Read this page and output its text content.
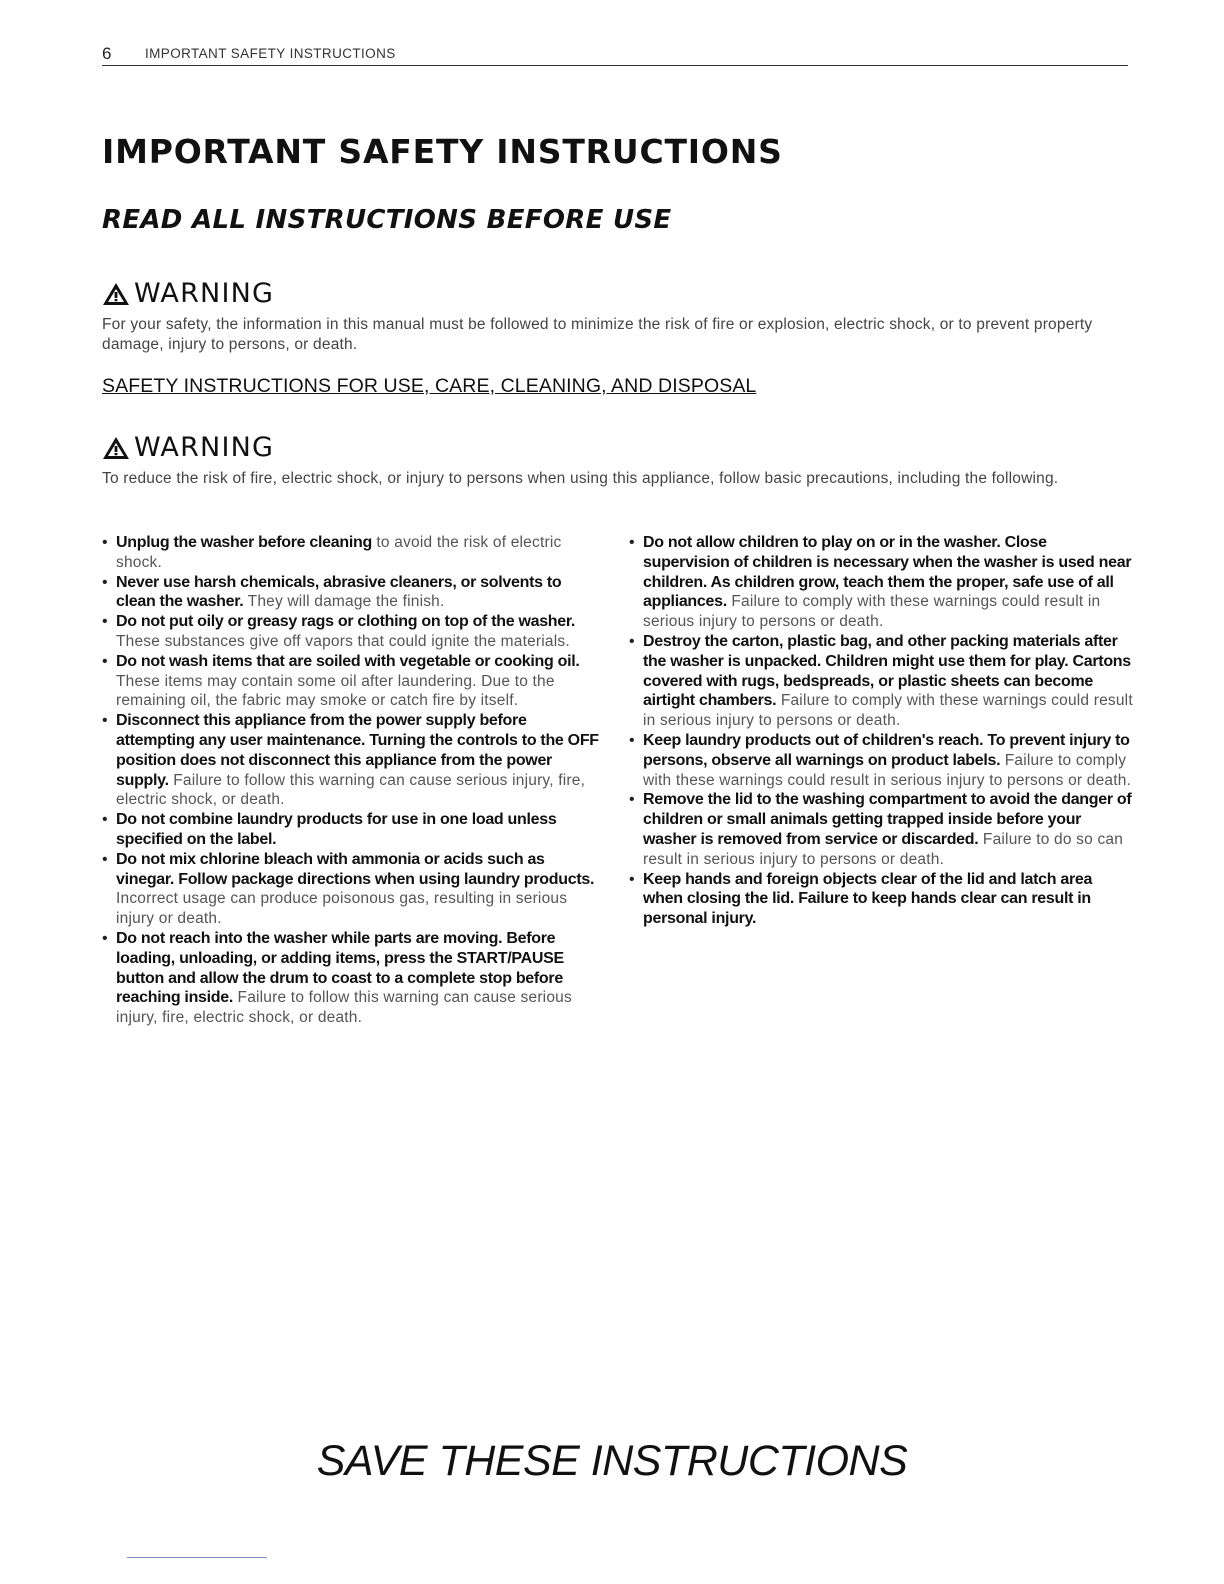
6 IMPORTANT SAFETY INSTRUCTIONS
IMPORTANT SAFETY INSTRUCTIONS
READ ALL INSTRUCTIONS BEFORE USE
WARNING
For your safety, the information in this manual must be followed to minimize the risk of fire or explosion, electric shock, or to prevent property damage, injury to persons, or death.
SAFETY INSTRUCTIONS FOR USE, CARE, CLEANING, AND DISPOSAL
WARNING
To reduce the risk of fire, electric shock, or injury to persons when using this appliance, follow basic precautions, including the following.
• Unplug the washer before cleaning to avoid the risk of electric shock.
• Never use harsh chemicals, abrasive cleaners, or solvents to clean the washer. They will damage the finish.
• Do not put oily or greasy rags or clothing on top of the washer. These substances give off vapors that could ignite the materials.
• Do not wash items that are soiled with vegetable or cooking oil. These items may contain some oil after laundering. Due to the remaining oil, the fabric may smoke or catch fire by itself.
• Disconnect this appliance from the power supply before attempting any user maintenance. Turning the controls to the OFF position does not disconnect this appliance from the power supply. Failure to follow this warning can cause serious injury, fire, electric shock, or death.
• Do not combine laundry products for use in one load unless specified on the label.
• Do not mix chlorine bleach with ammonia or acids such as vinegar. Follow package directions when using laundry products. Incorrect usage can produce poisonous gas, resulting in serious injury or death.
• Do not reach into the washer while parts are moving. Before loading, unloading, or adding items, press the START/PAUSE button and allow the drum to coast to a complete stop before reaching inside. Failure to follow this warning can cause serious injury, fire, electric shock, or death.
• Do not allow children to play on or in the washer. Close supervision of children is necessary when the washer is used near children. As children grow, teach them the proper, safe use of all appliances. Failure to comply with these warnings could result in serious injury to persons or death.
• Destroy the carton, plastic bag, and other packing materials after the washer is unpacked. Children might use them for play. Cartons covered with rugs, bedspreads, or plastic sheets can become airtight chambers. Failure to comply with these warnings could result in serious injury to persons or death.
• Keep laundry products out of children's reach. To prevent injury to persons, observe all warnings on product labels. Failure to comply with these warnings could result in serious injury to persons or death.
• Remove the lid to the washing compartment to avoid the danger of children or small animals getting trapped inside before your washer is removed from service or discarded. Failure to do so can result in serious injury to persons or death.
• Keep hands and foreign objects clear of the lid and latch area when closing the lid. Failure to keep hands clear can result in personal injury.
SAVE THESE INSTRUCTIONS
